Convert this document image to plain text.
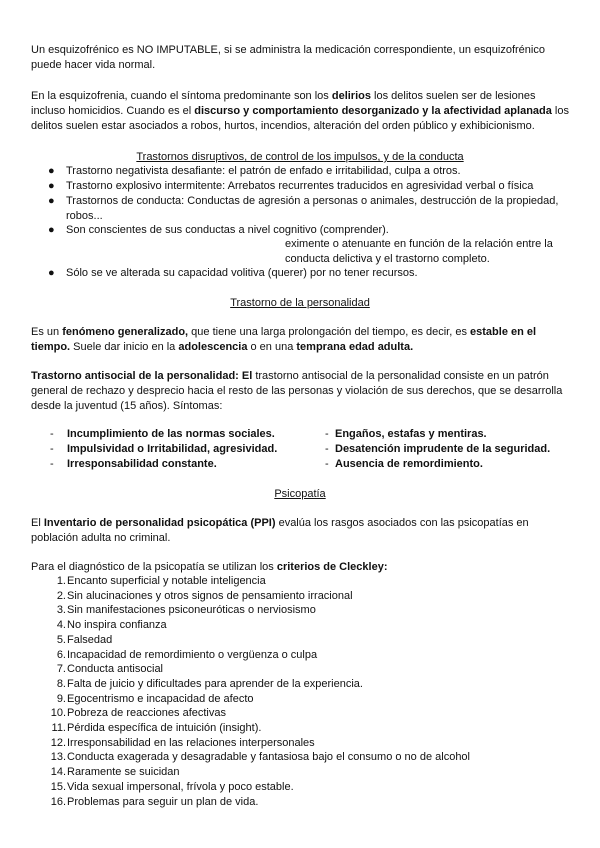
Un esquizofrénico es NO IMPUTABLE, si se administra la medicación correspondiente, un esquizofrénico puede hacer vida normal.
En la esquizofrenia, cuando el síntoma predominante son los delirios los delitos suelen ser de lesiones incluso homicidios. Cuando es el discurso y comportamiento desorganizado y la afectividad aplanada los delitos suelen estar asociados a robos, hurtos, incendios, alteración del orden público y exhibicionismo.
Trastornos disruptivos, de control de los impulsos, y de la conducta
●	Trastorno negativista desafiante: el patrón de enfado e irritabilidad, culpa a otros.
●	Trastorno explosivo intermitente: Arrebatos recurrentes traducidos en agresividad verbal o física
●	Trastornos de conducta: Conductas de agresión a personas o animales, destrucción de la propiedad, robos...
●	Son conscientes de sus conductas a nivel cognitivo (comprender).
eximente o atenuante en función de la relación entre la conducta delictiva y el trastorno completo.
●	Sólo se ve alterada su capacidad volitiva (querer) por no tener recursos.
Trastorno de la personalidad
Es un fenómeno generalizado, que tiene una larga prolongación del tiempo, es decir, es estable en el tiempo. Suele dar inicio en la adolescencia o en una temprana edad adulta.
Trastorno antisocial de la personalidad: El trastorno antisocial de la personalidad consiste en un patrón general de rechazo y desprecio hacia el resto de las personas y violación de sus derechos, que se desarrolla desde la juventud (15 años). Síntomas:
- Incumplimiento de las normas sociales.
- Impulsividad o Irritabilidad, agresividad.
- Irresponsabilidad constante.
- Engaños, estafas y mentiras.
- Desatención imprudente de la seguridad.
- Ausencia de remordimiento.
Psicopatía
El Inventario de personalidad psicopática (PPI) evalúa los rasgos asociados con las psicopatías en población adulta no criminal.
Para el diagnóstico de la psicopatía se utilizan los criterios de Cleckley:
1. Encanto superficial y notable inteligencia
2. Sin alucinaciones y otros signos de pensamiento irracional
3. Sin manifestaciones psiconeuróticas o nerviosismo
4. No inspira confianza
5. Falsedad
6. Incapacidad de remordimiento o vergüenza o culpa
7. Conducta antisocial
8. Falta de juicio y dificultades para aprender de la experiencia.
9. Egocentrismo e incapacidad de afecto
10. Pobreza de reacciones afectivas
11. Pérdida específica de intuición (insight).
12. Irresponsabilidad en las relaciones interpersonales
13. Conducta exagerada y desagradable y fantasiosa bajo el consumo o no de alcohol
14. Raramente se suicidan
15. Vida sexual impersonal, frívola y poco estable.
16. Problemas para seguir un plan de vida.
